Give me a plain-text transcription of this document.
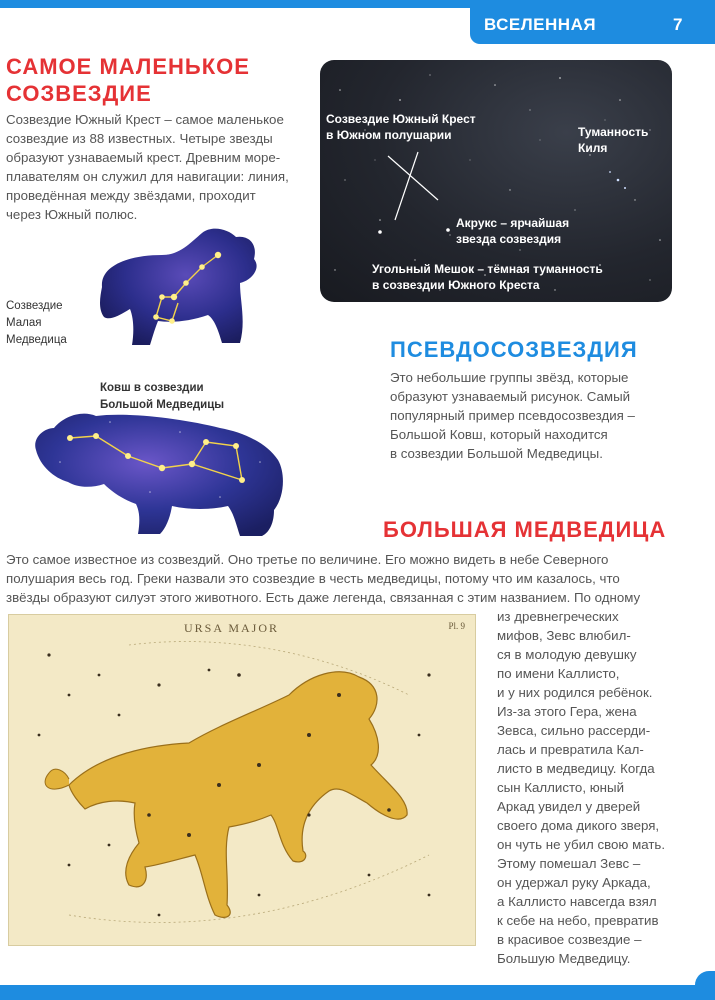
ВСЕЛЕННАЯ	7
САМОЕ МАЛЕНЬКОЕ
СОЗВЕЗДИЕ

Созвездие Южный Крест – самое маленькое

созвездие из 88 известных. Четыре звезды

образуют узнаваемый крест. Древним море-

плавателям он служил для навигации: линия,

проведённая между звёздами, проходит

через Южный полюс.

Созвездие Южный Крест
в Южном полушарии	Туманность
Киля
Акрукс – ярчайшая
звезда созвездия
Угольный Мешок – тёмная туманность
в созвездии Южного Креста
Созвездие
Малая
Медведица
Ковш в созвездии
Большой Медведицы
ПСЕВДОСОЗВЕЗДИЯ

Это небольшие группы звёзд, которые

образуют узнаваемый рисунок. Самый

популярный пример псевдосозвездия –

Большой Ковш, который находится

в созвездии Большой Медведицы.

БОЛЬШАЯ МЕДВЕДИЦА

Это самое известное из созвездий. Оно третье по величине. Его можно видеть в небе Северного

полушария весь год. Греки назвали это созвездие в честь медведицы, потому что им казалось, что

звёзды образуют силуэт этого животного. Есть даже легенда, связанная с этим названием. По одному

из древнегреческих

мифов, Зевс влюбил-

ся в молодую девушку

по имени Каллисто,

и у них родился ребёнок.

Из-за этого Гера, жена

Зевса, сильно рассерди-

лась и превратила Кал-

листо в медведицу. Когда

сын Каллисто, юный

Аркад увидел у дверей

своего дома дикого зверя,

он чуть не убил свою мать.

Этому помешал Зевс –

он удержал руку Аркада,

а Каллисто навсегда взял

к себе на небо, превратив

в красивое созвездие –

Большую Медведицу.

URSA MAJOR	Pl. 9
